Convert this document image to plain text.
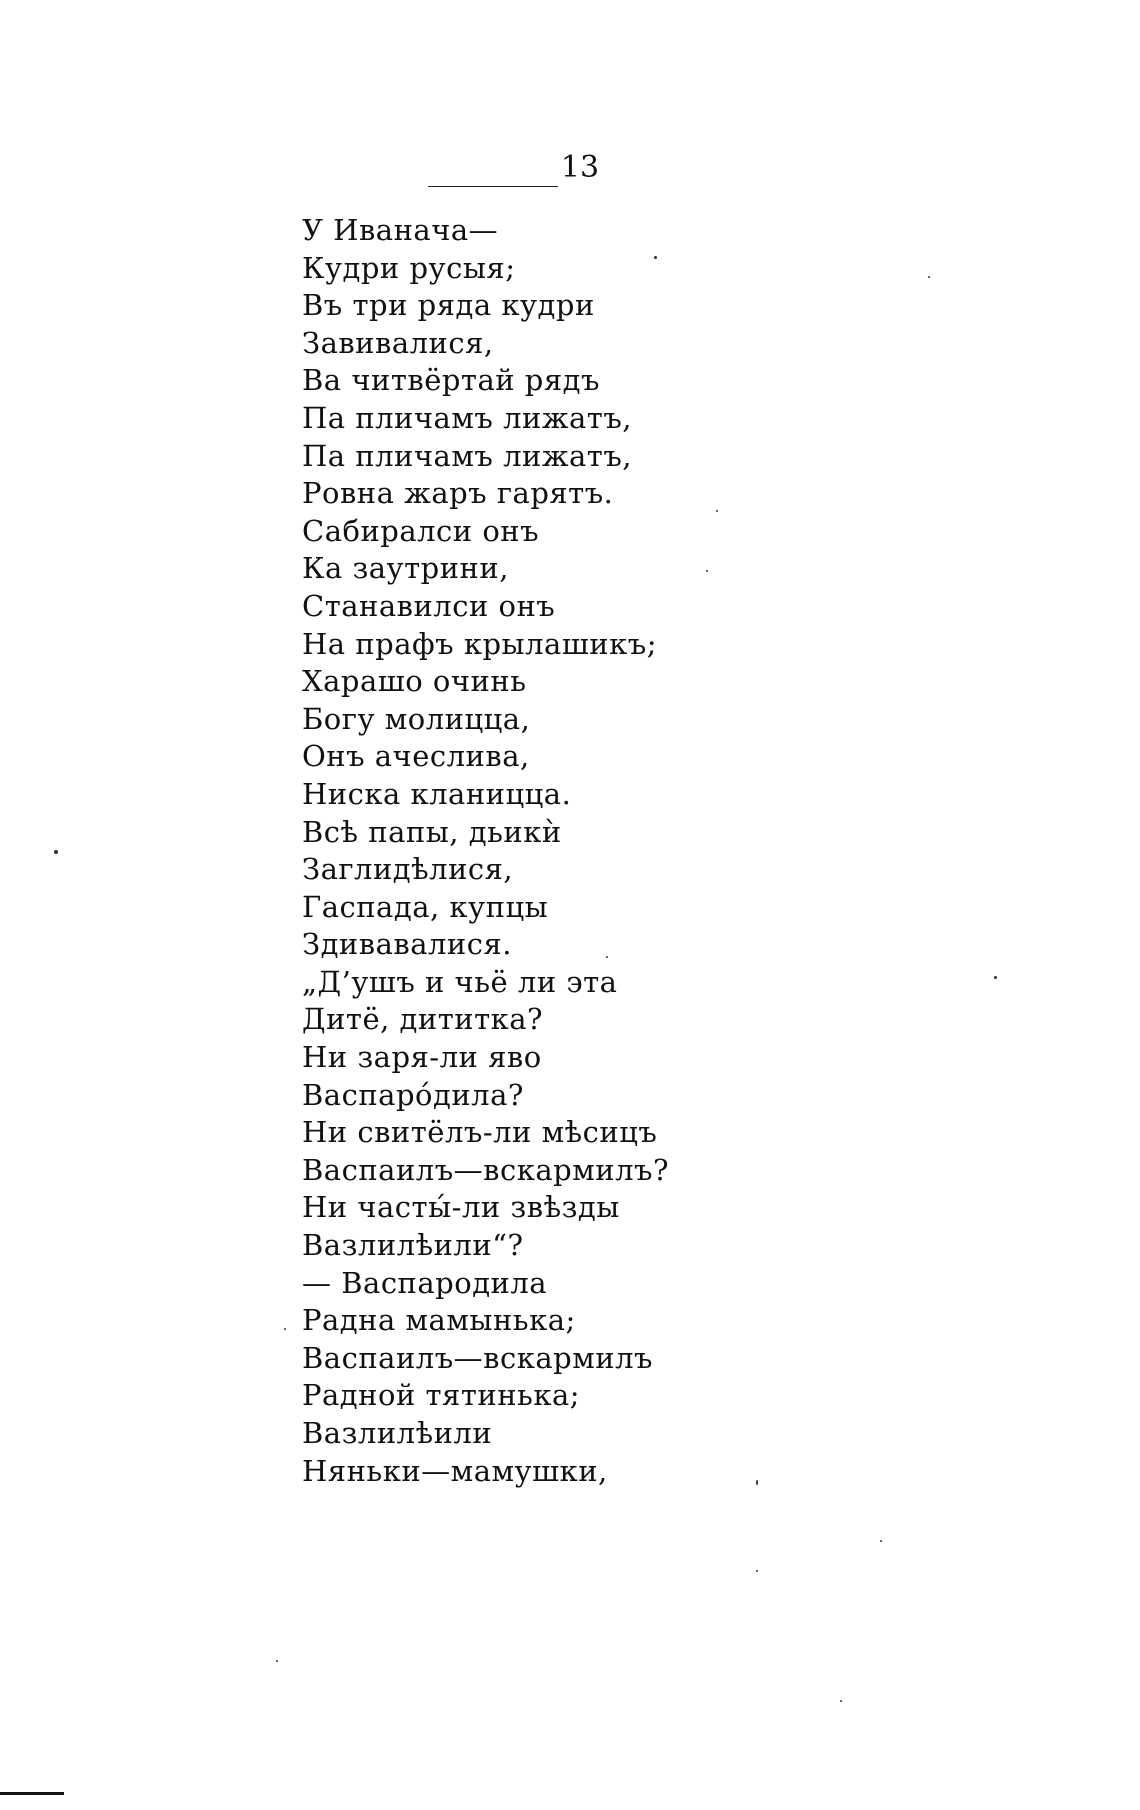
13
У Иванача—
Кудри русыя;
Въ три ряда кудри
Завивалися,
Ва читвёртай рядъ
Па пличамъ лижатъ,
Па пличамъ лижатъ,
Ровна жаръ гарятъ.
Сабиралси онъ
Ка заутрини,
Станавилси онъ
На прафъ крылашикъ;
Харашо очинь
Богу молицца,
Онъ ачеслива,
Ниска кланицца.
Всѣ папы, дьикѝ
Заглидѣлися,
Гаспада, купцы
Здивавалися.
„Д’ушъ и чьё ли эта
Дитё, дититка?
Ни заря-ли яво
Васпаро́дила?
Ни свитёлъ-ли мѣсицъ
Васпаилъ—вскармилъ?
Ни часты́-ли звѣзды
Вазлилѣили“?
— Васпародила
Радна мамынька;
Васпаилъ—вскармилъ
Радной тятинька;
Вазлилѣили
Няньки—мамушки,
